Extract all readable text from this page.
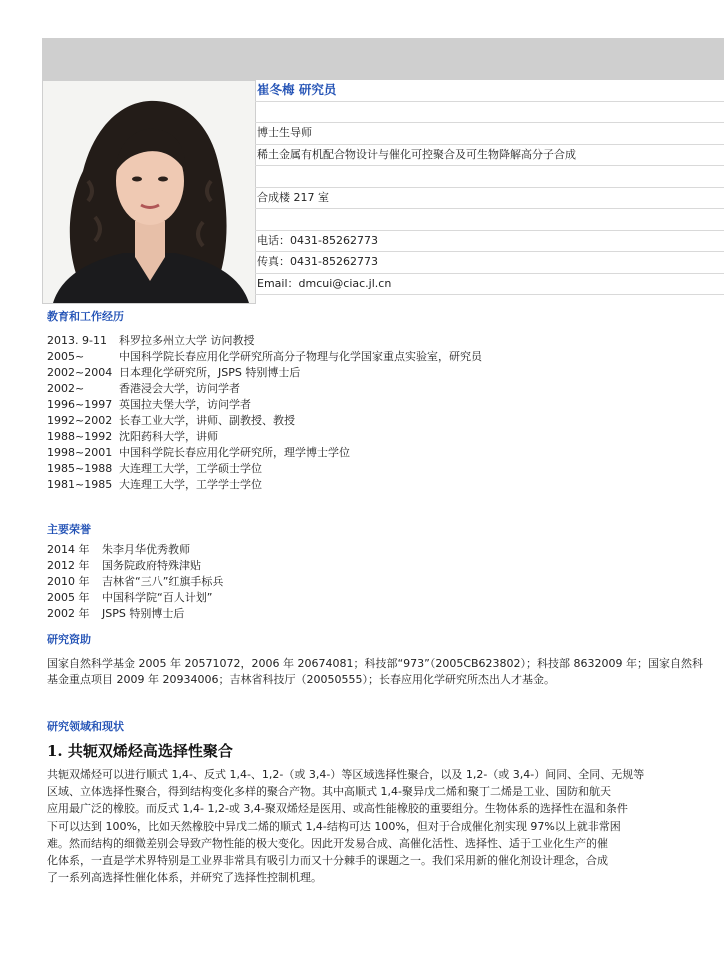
崔冬梅 研究员
博士生导师
稀土金属有机配合物设计与催化可控聚合及可生物降解高分子合成
合成楼 217 室
电话：0431-85262773
传真：0431-85262773
Email：dmcui@ciac.jl.cn
教育和工作经历
2013. 9-11 科罗拉多州立大学 访问教授
2005~	中国科学院长春应用化学研究所高分子物理与化学国家重点实验室，研究员
2002~2004 日本理化学研究所，JSPS 特别博士后
2002~	香港浸会大学，访问学者
1996~1997 英国拉夫堡大学，访问学者
1992~2002 长春工业大学，讲师、副教授、教授
1988~1992 沈阳药科大学，讲师
1998~2001 中国科学院长春应用化学研究所，理学博士学位
1985~1988 大连理工大学，工学硕士学位
1981~1985 大连理工大学，工学学士学位
主要荣誉
2014 年 朱李月华优秀教师
2012 年 国务院政府特殊津贴
2010 年 吉林省“三八”红旗手标兵
2005 年 中国科学院“百人计划”
2002 年 JSPS 特别博士后
研究资助
国家自然科学基金 2005 年 20571072，2006 年 20674081；科技部“973”（2005CB623802）；科技部 8632009 年；国家自然科
基金重点项目 2009 年 20934006；吉林省科技厅（20050555）；长春应用化学研究所杰出人才基金。
研究领域和现状
1. 共轭双烯烃高选择性聚合
共轭双烯烃可以进行顺式 1,4-、反式 1,4-、1,2-（或 3,4-）等区域选择性聚合，以及 1,2-（或 3,4-）间同、全同、无规等
区域、立体选择性聚合，得到结构变化多样的聚合产物。其中高顺式 1,4-聚异戊二烯和聚丁二烯是工业、国防和航天
应用最广泛的橡胶。而反式 1,4- 1,2-或 3,4-聚双烯烃是医用、或高性能橡胶的重要组分。生物体系的选择性在温和条件
下可以达到 100%，比如天然橡胶中异戊二烯的顺式 1,4-结构可达 100%，但对于合成催化剂实现 97%以上就非常困
难。然而结构的细微差别会导致产物性能的极大变化。因此开发易合成、高催化活性、选择性、适于工业化生产的催
化体系，一直是学术界特别是工业界非常具有吸引力而又十分棘手的课题之一。我们采用新的催化剂设计理念，合成
了一系列高选择性催化体系，并研究了选择性控制机理。
